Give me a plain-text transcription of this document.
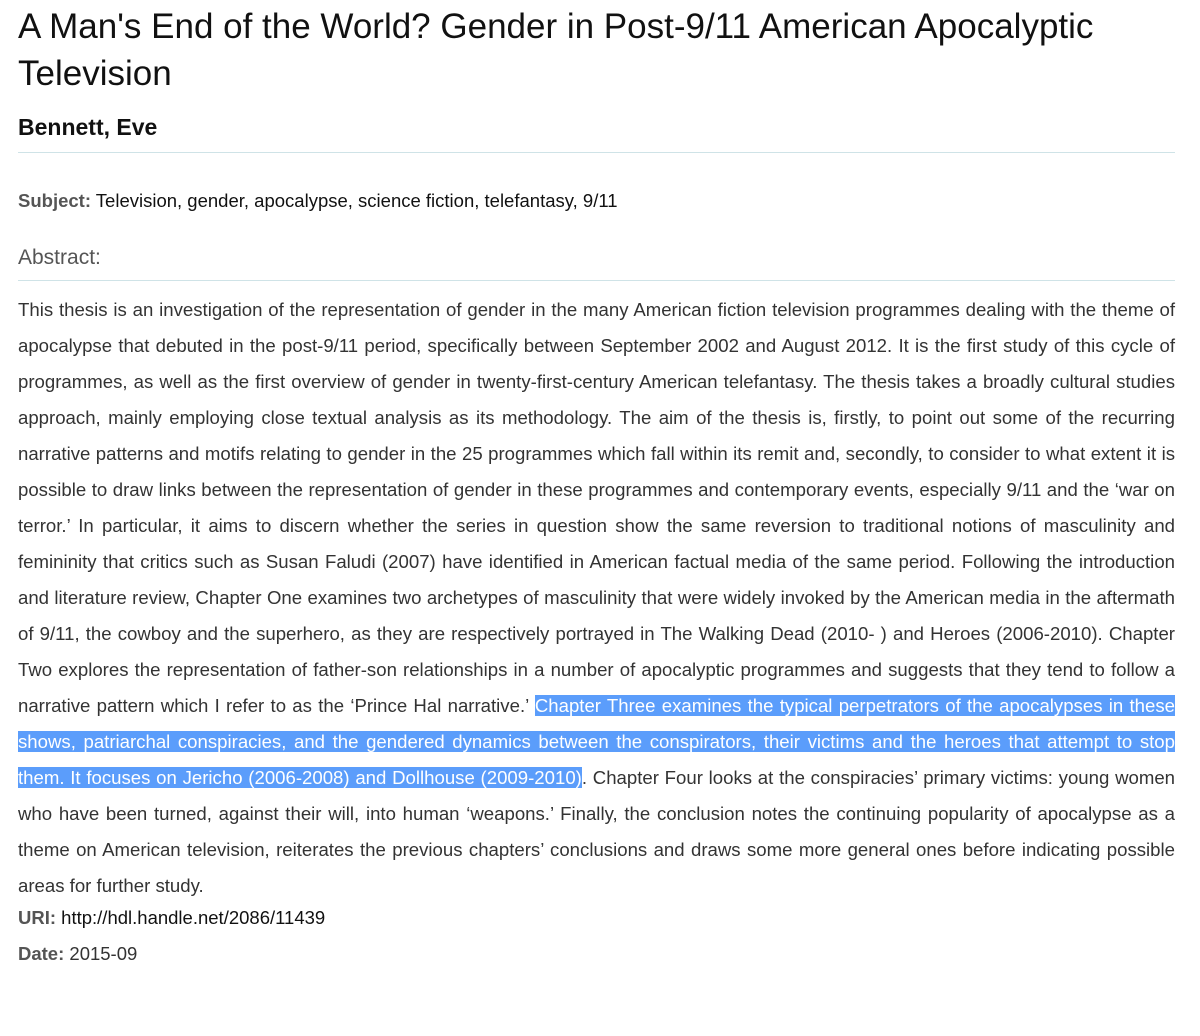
A Man's End of the World? Gender in Post-9/11 American Apocalyptic Television
Bennett, Eve

Subject: Television, gender, apocalypse, science fiction, telefantasy, 9/11

Abstract:

This thesis is an investigation of the representation of gender in the many American fiction television programmes dealing with the theme of apocalypse that debuted in the post-9/11 period, specifically between September 2002 and August 2012. It is the first study of this cycle of programmes, as well as the first overview of gender in twenty-first-century American telefantasy. The thesis takes a broadly cultural studies approach, mainly employing close textual analysis as its methodology. The aim of the thesis is, firstly, to point out some of the recurring narrative patterns and motifs relating to gender in the 25 programmes which fall within its remit and, secondly, to consider to what extent it is possible to draw links between the representation of gender in these programmes and contemporary events, especially 9/11 and the ‘war on terror.’ In particular, it aims to discern whether the series in question show the same reversion to traditional notions of masculinity and femininity that critics such as Susan Faludi (2007) have identified in American factual media of the same period. Following the introduction and literature review, Chapter One examines two archetypes of masculinity that were widely invoked by the American media in the aftermath of 9/11, the cowboy and the superhero, as they are respectively portrayed in The Walking Dead (2010- ) and Heroes (2006-2010). Chapter Two explores the representation of father-son relationships in a number of apocalyptic programmes and suggests that they tend to follow a narrative pattern which I refer to as the ‘Prince Hal narrative.’ Chapter Three examines the typical perpetrators of the apocalypses in these shows, patriarchal conspiracies, and the gendered dynamics between the conspirators, their victims and the heroes that attempt to stop them. It focuses on Jericho (2006-2008) and Dollhouse (2009-2010). Chapter Four looks at the conspiracies’ primary victims: young women who have been turned, against their will, into human ‘weapons.’ Finally, the conclusion notes the continuing popularity of apocalypse as a theme on American television, reiterates the previous chapters’ conclusions and draws some more general ones before indicating possible areas for further study.

URI: http://hdl.handle.net/2086/11439

Date: 2015-09
